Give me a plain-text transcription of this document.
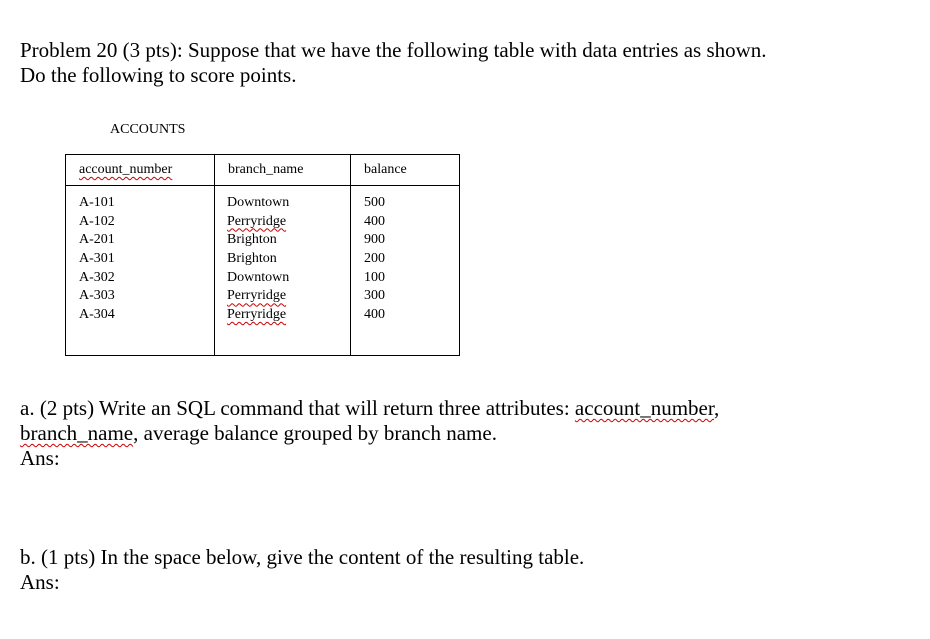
Problem 20 (3 pts): Suppose that we have the following table with data entries as shown.
Do the following to score points.
ACCOUNTS
account_number
A-101
A-102
A-201
A-301
A-302
A-303
A-304
branch_name
Downtown
Perryridge
Brighton
Brighton
Downtown
Perryridge
Perryridge
balance
500
400
900
200
100
300
400
a. (2 pts) Write an SQL command that will return three attributes: account_number,
branch_name, average balance grouped by branch name.
Ans:
b. (1 pts) In the space below, give the content of the resulting table.
Ans:
